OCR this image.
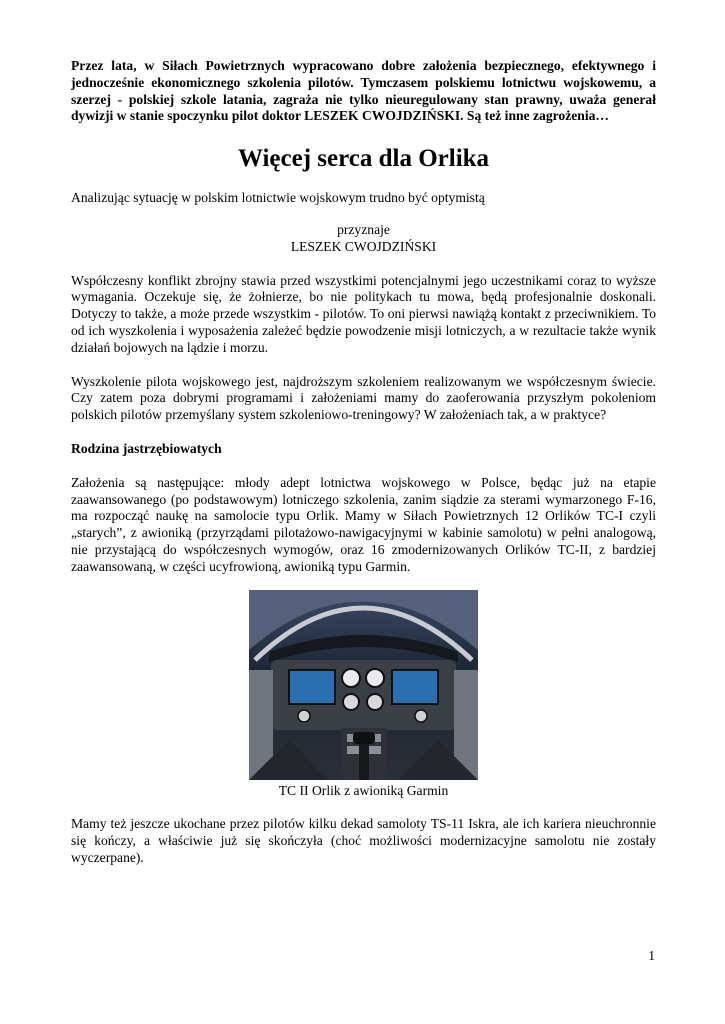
Przez lata, w Siłach Powietrznych wypracowano dobre założenia bezpiecznego, efektywnego i jednocześnie ekonomicznego szkolenia pilotów. Tymczasem polskiemu lotnictwu wojskowemu, a szerzej - polskiej szkole latania, zagraża nie tylko nieuregulowany stan prawny, uważa generał dywizji w stanie spoczynku pilot doktor LESZEK CWOJDZIŃSKI. Są też inne zagrożenia…

Więcej serca dla Orlika

Analizując sytuację w polskim lotnictwie wojskowym trudno być optymistą

przyznaje
LESZEK CWOJDZIŃSKI

Współczesny konflikt zbrojny stawia przed wszystkimi potencjalnymi jego uczestnikami coraz to wyższe wymagania. Oczekuje się, że żołnierze, bo nie politykach tu mowa, będą profesjonalnie doskonali. Dotyczy to także, a może przede wszystkim - pilotów. To oni pierwsi nawiążą kontakt z przeciwnikiem. To od ich wyszkolenia i wyposażenia zależeć będzie powodzenie misji lotniczych, a w rezultacie także wynik działań bojowych na lądzie i morzu.

Wyszkolenie pilota wojskowego jest, najdroższym szkoleniem realizowanym we współczesnym świecie. Czy zatem poza dobrymi programami i założeniami mamy do zaoferowania przyszłym pokoleniom polskich pilotów przemyślany system szkoleniowo-treningowy? W założeniach tak, a w praktyce?

Rodzina jastrzębiowatych

Założenia są następujące: młody adept lotnictwa wojskowego w Polsce, będąc już na etapie zaawansowanego (po podstawowym) lotniczego szkolenia, zanim siądzie za sterami wymarzonego F-16, ma rozpocząć naukę na samolocie typu Orlik. Mamy w Siłach Powietrznych 12 Orlików TC-I czyli „starych”, z awioniką (przyrządami pilotażowo-nawigacyjnymi w kabinie samolotu) w pełni analogową, nie przystającą do współczesnych wymogów, oraz 16 zmodernizowanych Orlików TC-II, z bardziej zaawansowaną, w części ucyfrowioną, awioniką typu Garmin.

TC II Orlik z awioniką Garmin

Mamy też jeszcze ukochane przez pilotów kilku dekad samoloty TS-11 Iskra, ale ich kariera nieuchronnie się kończy, a właściwie już się skończyła (choć możliwości modernizacyjne samolotu nie zostały wyczerpane).

1
